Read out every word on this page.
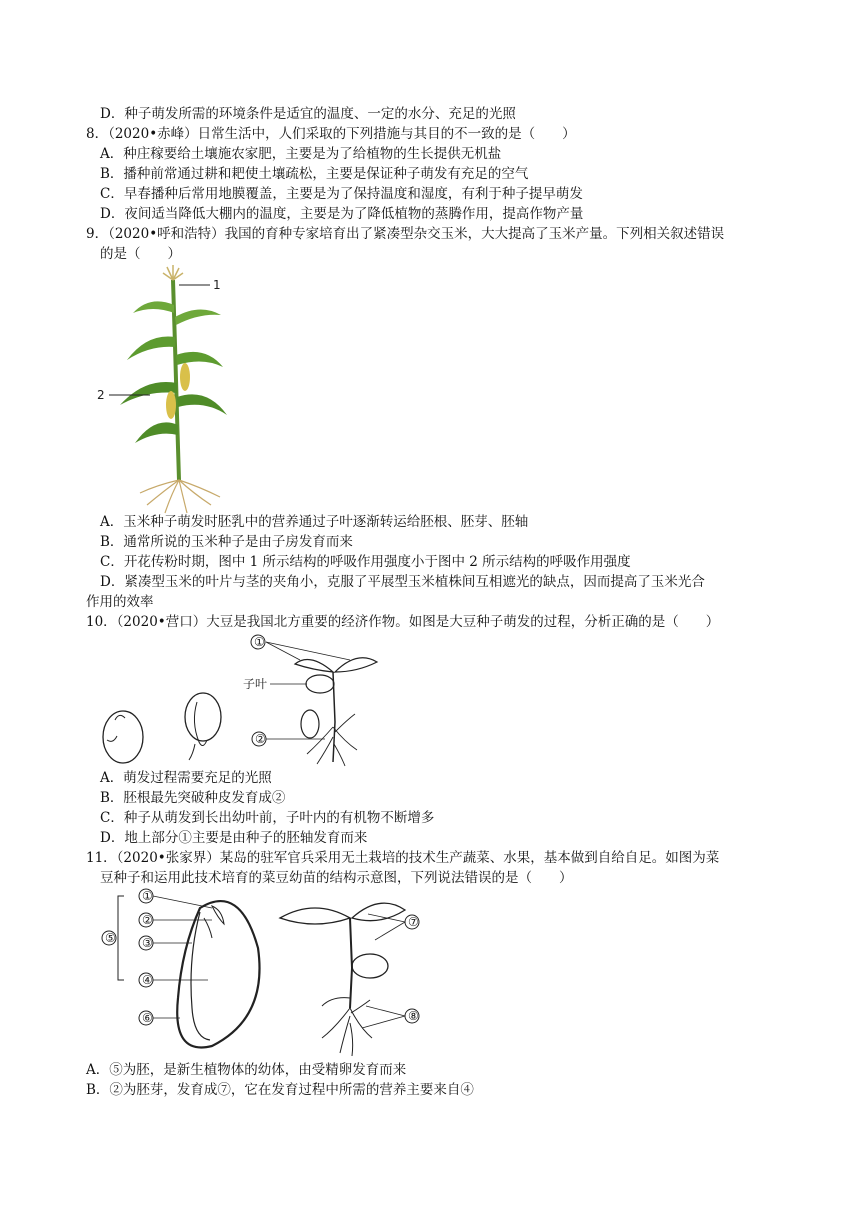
D．种子萌发所需的环境条件是适宜的温度、一定的水分、充足的光照
8．（2020•赤峰）日常生活中，人们采取的下列措施与其目的不一致的是（　　）
A．种庄稼要给土壤施农家肥，主要是为了给植物的生长提供无机盐
B．播种前常通过耕和耙使土壤疏松，主要是保证种子萌发有充足的空气
C．早春播种后常用地膜覆盖，主要是为了保持温度和湿度，有利于种子提早萌发
D．夜间适当降低大棚内的温度，主要是为了降低植物的蒸腾作用，提高作物产量
9．（2020•呼和浩特）我国的育种专家培育出了紧凑型杂交玉米，大大提高了玉米产量。下列相关叙述错误
的是（　　）
1
2
A．玉米种子萌发时胚乳中的营养通过子叶逐渐转运给胚根、胚芽、胚轴
B．通常所说的玉米种子是由子房发育而来
C．开花传粉时期，图中 1 所示结构的呼吸作用强度小于图中 2 所示结构的呼吸作用强度
D．紧凑型玉米的叶片与茎的夹角小，克服了平展型玉米植株间互相遮光的缺点，因而提高了玉米光合
作用的效率
10．（2020•营口）大豆是我国北方重要的经济作物。如图是大豆种子萌发的过程，分析正确的是（　　）
①
子叶
②
A．萌发过程需要充足的光照
B．胚根最先突破种皮发育成②
C．种子从萌发到长出幼叶前，子叶内的有机物不断增多
D．地上部分①主要是由种子的胚轴发育而来
11．（2020•张家界）某岛的驻军官兵采用无土栽培的技术生产蔬菜、水果，基本做到自给自足。如图为菜
豆种子和运用此技术培育的菜豆幼苗的结构示意图，下列说法错误的是（　　）
⑤
①
②
③
④
⑥
⑦
⑧
A．⑤为胚，是新生植物体的幼体，由受精卵发育而来
B．②为胚芽，发育成⑦，它在发育过程中所需的营养主要来自④
